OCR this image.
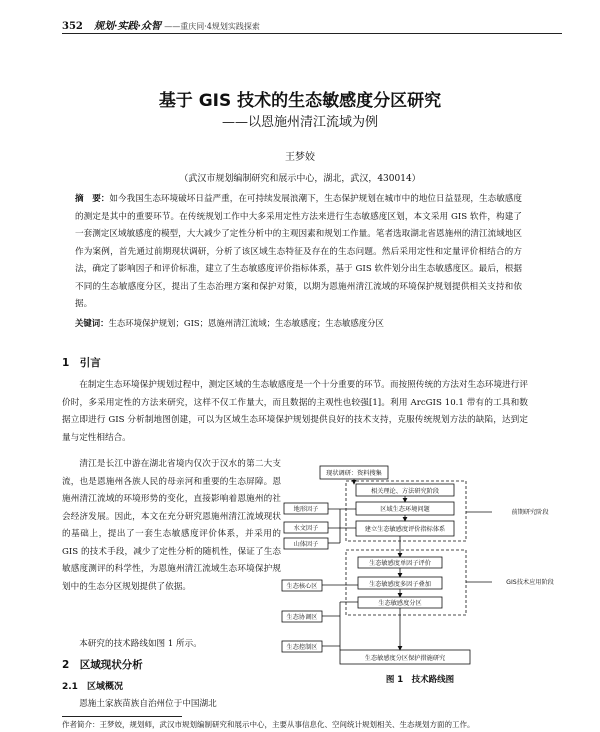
352 规划·实践·众智 ——重庆同·4规划实践探索
基于 GIS 技术的生态敏感度分区研究
——以恩施州清江流域为例
王梦姣
（武汉市规划编制研究和展示中心，湖北，武汉，430014）
摘　要：如今我国生态环境破坏日益严重，在可持续发展浪潮下，生态保护规划在城市中的地位日益显现，生态敏感度的测定是其中的重要环节。在传统规划工作中大多采用定性方法来进行生态敏感度区划，本文采用 GIS 软件，构建了一套测定区域敏感度的模型，大大减少了定性分析中的主观因素和规划工作量。笔者选取湖北省恩施州的清江流域地区作为案例，首先通过前期现状调研，分析了该区域生态特征及存在的生态问题。然后采用定性和定量评价相结合的方法，确定了影响因子和评价标准，建立了生态敏感度评价指标体系，基于 GIS 软件划分出生态敏感度区。最后，根据不同的生态敏感度分区，提出了生态治理方案和保护对策，以期为恩施州清江流域的环境保护规划提供相关支持和依据。
关键词：生态环境保护规划；GIS；恩施州清江流域；生态敏感度；生态敏感度分区
1　引言
在制定生态环境保护规划过程中，测定区域的生态敏感度是一个十分重要的环节。而按照传统的方法对生态环境进行评价时，多采用定性的方法来研究，这样不仅工作量大，而且数据的主观性也较强[1]。利用 ArcGIS 10.1 带有的工具和数据立即进行 GIS 分析制地图创建，可以为区域生态环境保护规划提供良好的技术支持，克服传统规划方法的缺陷，达到定量与定性相结合。
清江是长江中游在湖北省境内仅次于汉水的第二大支流，也是恩施州各族人民的母亲河和重要的生态屏障。恩施州清江流域的环境形势的变化，直接影响着恩施州的社会经济发展。因此，本文在充分研究恩施州清江流域现状的基础上，提出了一套生态敏感度评价体系，并采用的 GIS 的技术手段，减少了定性分析的随机性，保证了生态敏感度测评的科学性，为恩施州清江流域生态环境保护规划中的生态分区规划提供了依据。
本研究的技术路线如图 1 所示。
2　区域现状分析
2.1　区域概况
恩施土家族苗族自治州位于中国湖北
现状调研：资料搜集
相关理论、方法研究阶段
区域生态环境问题
建立生态敏感度评价指标体系
生态敏感度单因子评价
生态敏感度多因子叠加
生态敏感度分区
生态敏感度分区保护措施研究
地形因子
水文因子
山体因子
生态核心区
生态协调区
生态控制区
前期研究阶段
GIS技术应用阶段
图 1　技术路线图
作者简介：王梦姣，规划师，武汉市规划编制研究和展示中心，主要从事信息化、空间统计规划相关、生态规划方面的工作。
